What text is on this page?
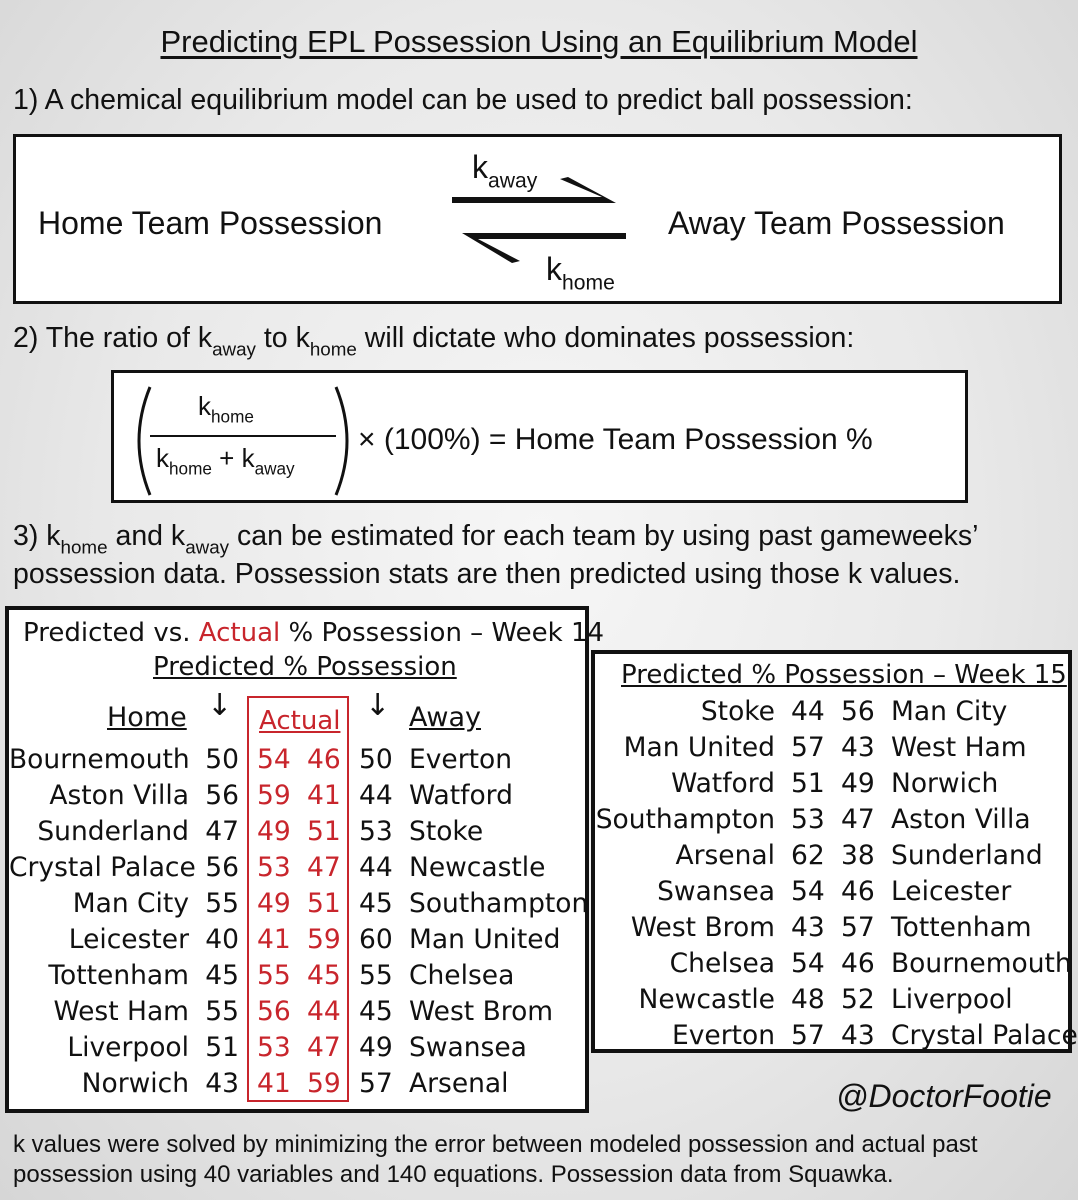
Predicting EPL Possession Using an Equilibrium Model
1) A chemical equilibrium model can be used to predict ball possession:
Home Team Possession	Away Team Possession
$k_{away}$
$k_{home}$
2) The ratio of $k_{away}$ to $k_{home}$ will dictate who dominates possession:
$k_{home}$
$k_{home} + k_{away}$
× (100%) = Home Team Possession %
3) $k_{home}$ and $k_{away}$ can be estimated for each team by using past gameweeks’
possession data. Possession stats are then predicted using those k values.
Predicted vs. Actual % Possession – Week 14
Predicted % Possession
Home ↓ Actual ↓ Away
Bournemouth 50 54 46 50 Everton
Aston Villa 56 59 41 44 Watford
Sunderland 47 49 51 53 Stoke
Crystal Palace 56 53 47 44 Newcastle
Man City 55 49 51 45 Southampton
Leicester 40 41 59 60 Man United
Tottenham 45 55 45 55 Chelsea
West Ham 55 56 44 45 West Brom
Liverpool 51 53 47 49 Swansea
Norwich 43 41 59 57 Arsenal
Predicted % Possession – Week 15
Stoke 44 56 Man City
Man United 57 43 West Ham
Watford 51 49 Norwich
Southampton 53 47 Aston Villa
Arsenal 62 38 Sunderland
Swansea 54 46 Leicester
West Brom 43 57 Tottenham
Chelsea 54 46 Bournemouth
Newcastle 48 52 Liverpool
Everton 57 43 Crystal Palace
@DoctorFootie
k values were solved by minimizing the error between modeled possession and actual past possession using 40 variables and 140 equations. Possession data from Squawka.
